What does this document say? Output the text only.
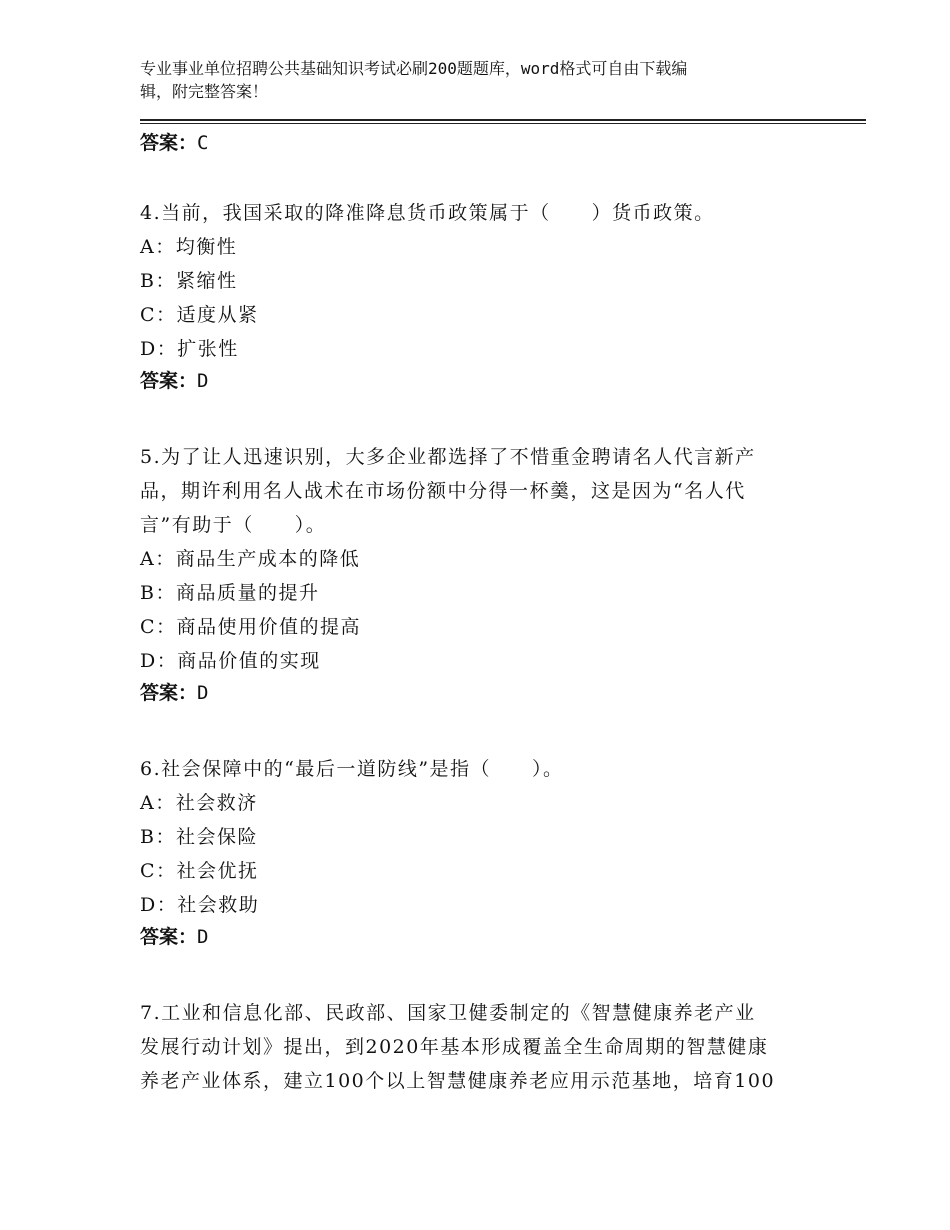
专业事业单位招聘公共基础知识考试必刷200题题库，word格式可自由下载编
辑，附完整答案！
答案：C
4.当前，我国采取的降准降息货币政策属于（　　）货币政策。
A：均衡性
B：紧缩性
C：适度从紧
D：扩张性
答案：D
5.为了让人迅速识别，大多企业都选择了不惜重金聘请名人代言新产
品，期许利用名人战术在市场份额中分得一杯羹，这是因为“名人代
言”有助于（　　）。
A：商品生产成本的降低
B：商品质量的提升
C：商品使用价值的提高
D：商品价值的实现
答案：D
6.社会保障中的“最后一道防线”是指（　　）。
A：社会救济
B：社会保险
C：社会优抚
D：社会救助
答案：D
7.工业和信息化部、民政部、国家卫健委制定的《智慧健康养老产业
发展行动计划》提出，到2020年基本形成覆盖全生命周期的智慧健康
养老产业体系，建立100个以上智慧健康养老应用示范基地，培育100
